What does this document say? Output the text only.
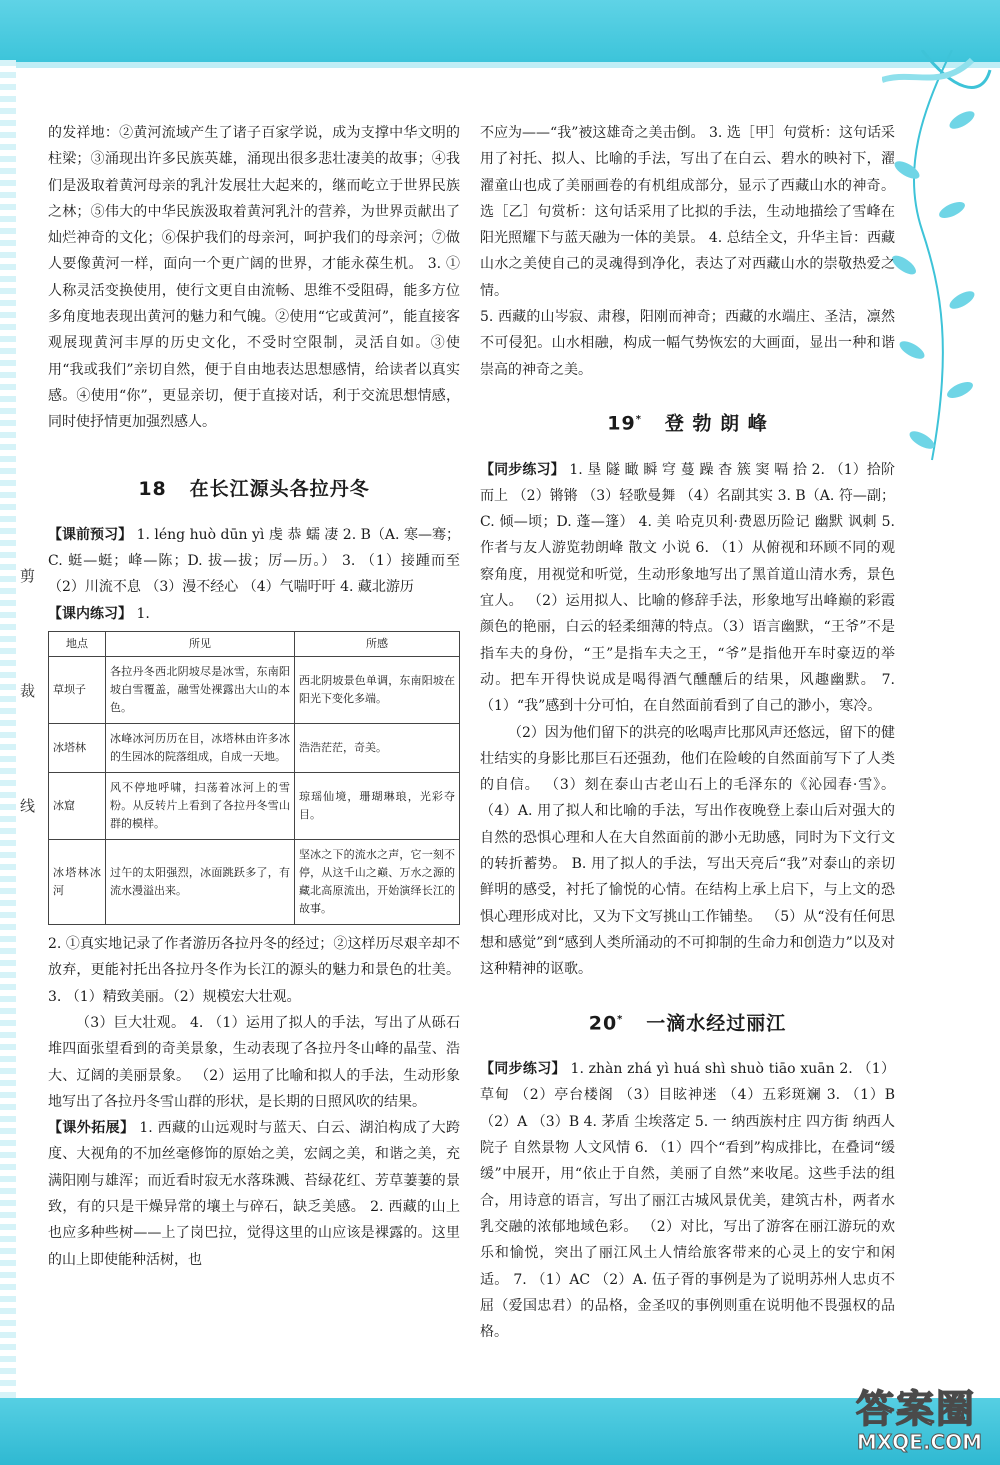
剪
裁
线

的发祥地：②黄河流域产生了诸子百家学说，成为支撑中华文明的柱梁；③涌现出许多民族英雄，涌现出很多悲壮凄美的故事；④我们是汲取着黄河母亲的乳汁发展壮大起来的，继而屹立于世界民族之林；⑤伟大的中华民族汲取着黄河乳汁的营养，为世界贡献出了灿烂神奇的文化；⑥保护我们的母亲河，呵护我们的母亲河；⑦做人要像黄河一样，面向一个更广阔的世界，才能永葆生机。 3. ①人称灵活变换使用，使行文更自由流畅、思维不受阻碍，能多方位多角度地表现出黄河的魅力和气魄。②使用“它或黄河”，能直接客观展现黄河丰厚的历史文化，不受时空限制，灵活自如。③使用“我或我们”亲切自然，便于自由地表达思想感情，给读者以真实感。④使用“你”，更显亲切，便于直接对话，利于交流思想情感，同时使抒情更加强烈感人。

18 在长江源头各拉丹冬

【课前预习】 1. léng huò dūn yì 虔 恭 蠕 凄 2. B（A. 寒—骞；C. 蜓—蜓；峰—陈；D. 拔—拔；厉—历。） 3. （1）接踵而至 （2）川流不息 （3）漫不经心 （4）气喘吁吁 4. 藏北游历

【课内练习】 1.

地点	所见	所感
草坝子	各拉丹冬西北阴坡尽是冰雪，东南阳坡白雪覆盖，融雪处裸露出大山的本色。	西北阴坡景色单调，东南阳坡在阳光下变化多端。
冰塔林	冰峰冰河历历在目，冰塔林由许多冰的生园冰的院落组成，自成一天地。	浩浩茫茫，奇美。
冰窟	风不停地呼啸，扫荡着冰河上的雪粉。从反转片上看到了各拉丹冬雪山群的模样。	琼瑶仙境，珊瑚琳琅，光彩夺目。
冰塔林冰河	过午的太阳强烈，冰面跳跃多了，有流水漫溢出来。	坚冰之下的流水之声，它一刻不停，从这千山之巅、万水之源的藏北高原流出，开始演绎长江的故事。

2. ①真实地记录了作者游历各拉丹冬的经过；②这样历尽艰辛却不放弃，更能衬托出各拉丹冬作为长江的源头的魅力和景色的壮美。 3. （1）精致美丽。（2）规模宏大壮观。

（3）巨大壮观。 4. （1）运用了拟人的手法，写出了从砾石堆四面张望看到的奇美景象，生动表现了各拉丹冬山峰的晶莹、浩大、辽阔的美丽景象。 （2）运用了比喻和拟人的手法，生动形象地写出了各拉丹冬雪山群的形状，是长期的日照风吹的结果。

【课外拓展】 1. 西藏的山远观时与蓝天、白云、湖泊构成了大跨度、大视角的不加丝毫修饰的原始之美，宏阔之美，和谐之美，充满阳刚与雄浑；而近看时寂无水落珠溅、苔绿花红、芳草萋萋的景致，有的只是干燥异常的壤土与碎石，缺乏美感。 2. 西藏的山上也应多种些树——上了岗巴拉，觉得这里的山应该是裸露的。这里的山上即使能种活树，也

不应为——“我”被这雄奇之美击倒。 3. 选［甲］句赏析：这句话采用了衬托、拟人、比喻的手法，写出了在白云、碧水的映衬下，濯濯童山也成了美丽画卷的有机组成部分，显示了西藏山水的神奇。选［乙］句赏析：这句话采用了比拟的手法，生动地描绘了雪峰在阳光照耀下与蓝天融为一体的美景。 4. 总结全文，升华主旨：西藏山水之美使自己的灵魂得到净化，表达了对西藏山水的崇敬热爱之情。

5. 西藏的山岑寂、肃穆，阳刚而神奇；西藏的水端庄、圣洁，凛然不可侵犯。山水相融，构成一幅气势恢宏的大画面，显出一种和谐崇高的神奇之美。

19* 登 勃 朗 峰

【同步练习】 1. 垦 隧 瞰 瞬 穹 蔓 躁 杳 簇 窦 嗝 拾 2. （1）拾阶而上 （2）锵锵 （3）轻歌曼舞 （4）名副其实 3. B（A. 符—副；C. 倾—顷；D. 蓬—篷） 4. 美 哈克贝利·费恩历险记 幽默 讽刺 5. 作者与友人游览勃朗峰 散文 小说 6. （1）从俯视和环顾不同的观察角度，用视觉和听觉，生动形象地写出了黑首道山清水秀，景色宜人。 （2）运用拟人、比喻的修辞手法，形象地写出峰巅的彩霞颜色的艳丽，白云的轻柔细薄的特点。（3）语言幽默，“王爷”不是指车夫的身份，“王”是指车夫之王，“爷”是指他开车时豪迈的举动。把车开得快说成是喝得酒气醺醺后的结果，风趣幽默。 7. （1）“我”感到十分可怕，在自然面前看到了自己的渺小，寒冷。

（2）因为他们留下的洪亮的吆喝声比那风声还悠远，留下的健壮结实的身影比那巨石还强劲，他们在险峻的自然面前写下了人类的自信。 （3）刻在泰山古老山石上的毛泽东的《沁园春·雪》。 （4）A. 用了拟人和比喻的手法，写出作夜晚登上泰山后对强大的自然的恐惧心理和人在大自然面前的渺小无助感，同时为下文行文的转折蓄势。 B. 用了拟人的手法，写出天亮后“我”对泰山的亲切鲜明的感受，衬托了愉悦的心情。在结构上承上启下，与上文的恐惧心理形成对比，又为下文写挑山工作铺垫。 （5）从“没有任何思想和感觉”到“感到人类所涌动的不可抑制的生命力和创造力”以及对这种精神的讴歌。

20* 一滴水经过丽江

【同步练习】 1. zhàn zhá yì huá shì shuò tiāo xuān 2. （1）草甸 （2）亭台楼阁 （3）目眩神迷 （4）五彩斑斓 3. （1）B （2）A （3）B 4. 茅盾 尘埃落定 5. 一 纳西族村庄 四方街 纳西人院子 自然景物 人文风情 6. （1）四个“看到”构成排比，在叠词“缓缓”中展开，用“依止于自然，美丽了自然”来收尾。这些手法的组合，用诗意的语言，写出了丽江古城风景优美，建筑古朴，两者水乳交融的浓郁地域色彩。 （2）对比，写出了游客在丽江游玩的欢乐和愉悦，突出了丽江风土人情给旅客带来的心灵上的安宁和闲适。 7. （1）AC （2）A. 伍子胥的事例是为了说明苏州人忠贞不屈（爱国忠君）的品格，金圣叹的事例则重在说明他不畏强权的品格。

答案圈
MXQE.COM
